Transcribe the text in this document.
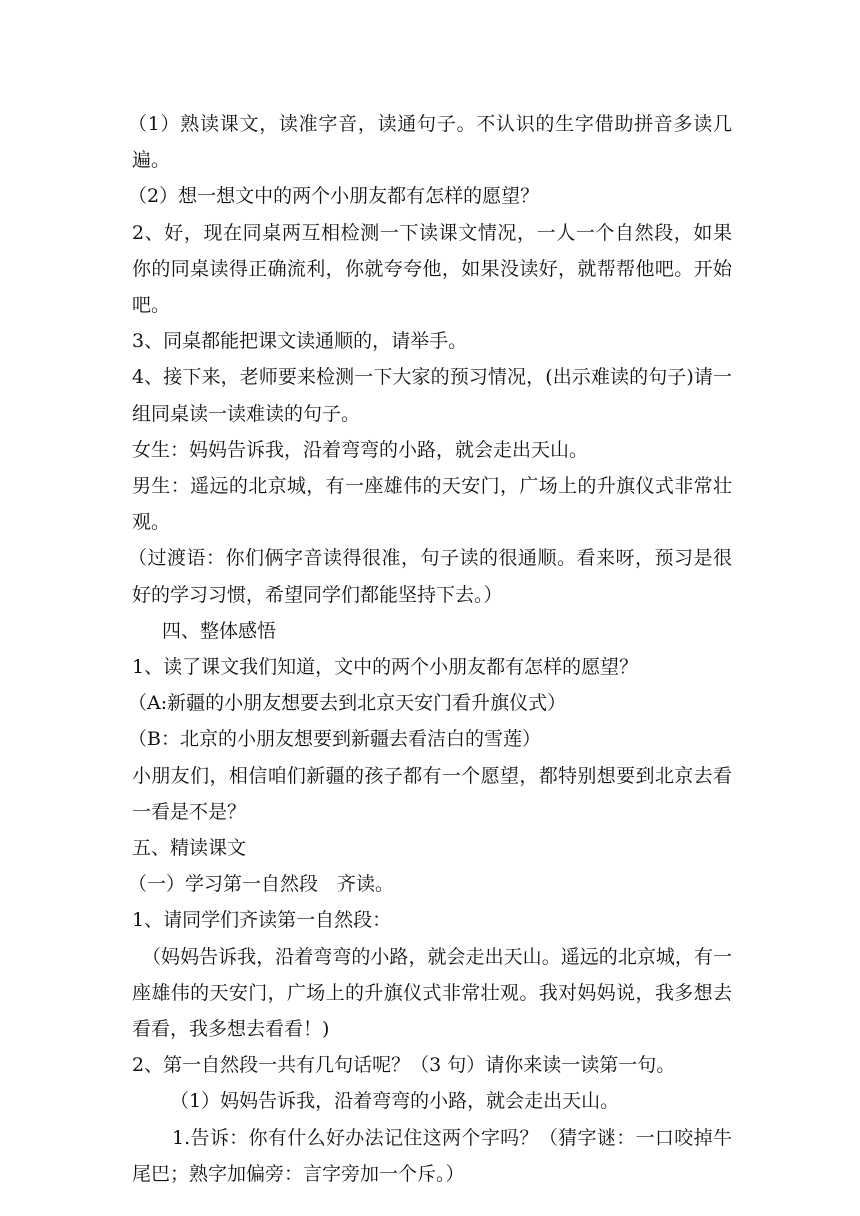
（1）熟读课文，读准字音，读通句子。不认识的生字借助拼音多读几遍。

（2）想一想文中的两个小朋友都有怎样的愿望？

2、好，现在同桌两互相检测一下读课文情况，一人一个自然段，如果你的同桌读得正确流利，你就夸夸他，如果没读好，就帮帮他吧。开始吧。

3、同桌都能把课文读通顺的，请举手。

4、接下来，老师要来检测一下大家的预习情况，(出示难读的句子)请一组同桌读一读难读的句子。

女生：妈妈告诉我，沿着弯弯的小路，就会走出天山。

男生：遥远的北京城，有一座雄伟的天安门，广场上的升旗仪式非常壮观。

（过渡语：你们俩字音读得很准，句子读的很通顺。看来呀，预习是很好的学习习惯，希望同学们都能坚持下去。）

四、整体感悟

1、读了课文我们知道，文中的两个小朋友都有怎样的愿望？

（A:新疆的小朋友想要去到北京天安门看升旗仪式）

（B：北京的小朋友想要到新疆去看洁白的雪莲）

小朋友们，相信咱们新疆的孩子都有一个愿望，都特别想要到北京去看一看是不是？

五、精读课文

（一）学习第一自然段　齐读。

1、请同学们齐读第一自然段：

（妈妈告诉我，沿着弯弯的小路，就会走出天山。遥远的北京城，有一座雄伟的天安门，广场上的升旗仪式非常壮观。我对妈妈说，我多想去看看，我多想去看看！)

2、第一自然段一共有几句话呢？（3 句）请你来读一读第一句。

（1）妈妈告诉我，沿着弯弯的小路，就会走出天山。

1.告诉：你有什么好办法记住这两个字吗？（猜字谜：一口咬掉牛尾巴；熟字加偏旁：言字旁加一个斥。）
